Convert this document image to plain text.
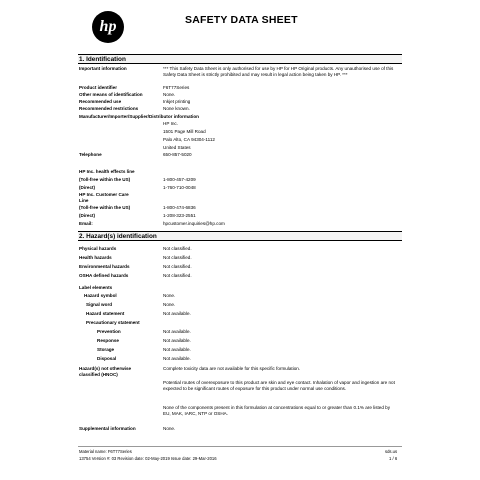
hp	SAFETY DATA SHEET
1. Identification
Important information	*** This Safety Data Sheet is only authorised for use by HP for HP Original products. Any unauthorised use of this Safety Data Sheet is strictly prohibited and may result in legal action being taken by HP. ***
Product identifier	F6T77Series
Other means of identification	None.
Recommended use	Inkjet printing
Recommended restrictions	None known.
Manufacturer/Importer/Supplier/Distributor information
HP Inc.
1501 Page Mill Road
Palo Alto, CA 94304-1112
United States
Telephone	650-857-5020
HP Inc. health effects line
(Toll-free within the US)	1-800-457-4209
(Direct)	1-760-710-0048
HP Inc. Customer Care
Line
(Toll-free within the US)	1-800-474-6836
(Direct)	1-208-323-2551
Email:	hpcustomer.inquiries@hp.com
2. Hazard(s) identification
Physical hazards	Not classified.
Health hazards	Not classified.
Environmental hazards	Not classified.
OSHA defined hazards	Not classified.
Label elements
Hazard symbol	None.
Signal word	None.
Hazard statement	Not available.
Precautionary statement
Prevention	Not available.
Response	Not available.
Storage	Not available.
Disposal	Not available.
Hazard(s) not otherwise
classified (HNOC)
Complete toxicity data are not available for this specific formulation.
Potential routes of overexposure to this product are skin and eye contact. Inhalation of vapor and ingestion are not expected to be significant routes of exposure for this product under normal use conditions.
None of the components present in this formulation at concentrations equal to or greater than 0.1% are listed by EU, MAK, IARC, NTP or OSHA.
Supplemental information	None.
Material name: F6T77Series
13754 Version #: 03 Revision date: 02-May-2019 Issue date: 29-Mar-2016
sds.us
1 / 6
